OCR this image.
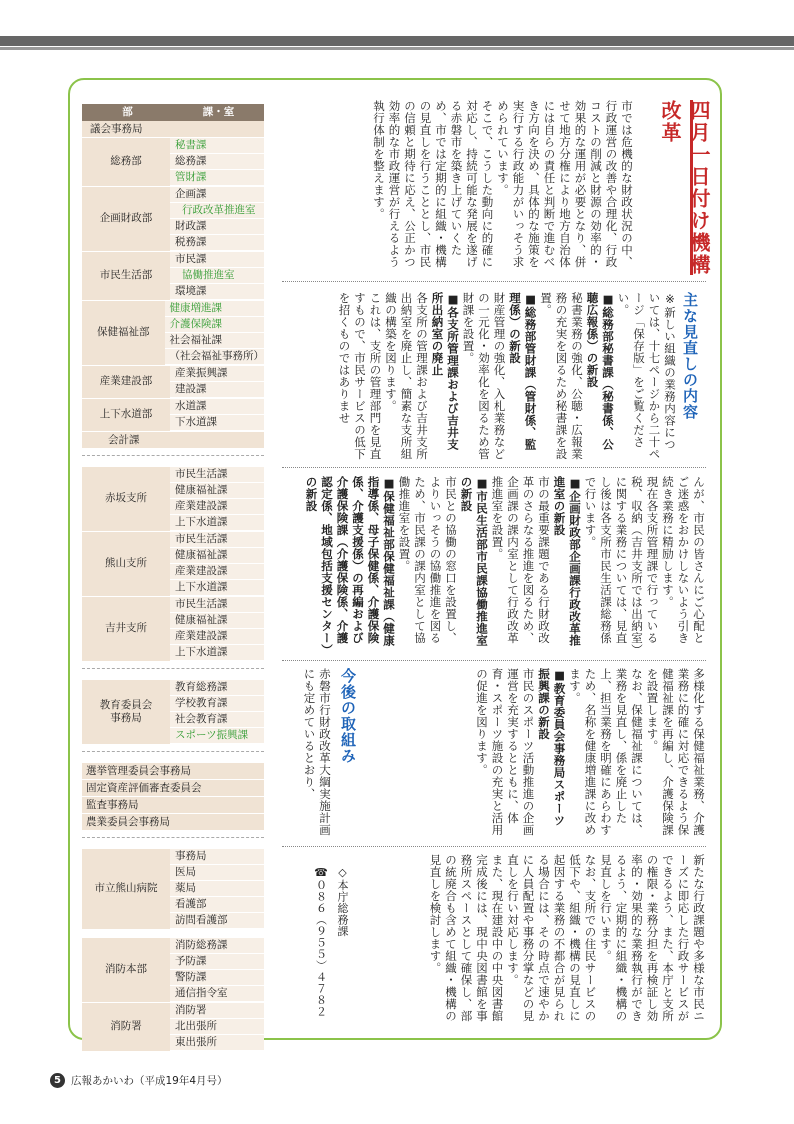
部	課・室
議会事務局
総務部
秘書課
総務課
管財課
企画財政部
企画課
行政改革推進室
財政課
税務課
市民生活部
市民課
協働推進室
環境課
保健福祉部
健康増進課
介護保険課
社会福祉課
（社会福祉事務所）
産業建設部
産業振興課
建設課
上下水道部
水道課
下水道課
会計課
赤坂支所
市民生活課
健康福祉課
産業建設課
上下水道課
熊山支所
市民生活課
健康福祉課
産業建設課
上下水道課
吉井支所
市民生活課
健康福祉課
産業建設課
上下水道課
教育委員会
事務局
教育総務課
学校教育課
社会教育課
スポーツ振興課
選挙管理委員会事務局
固定資産評価審査委員会
監査事務局
農業委員会事務局
市立熊山病院
事務局
医局
薬局
看護部
訪問看護部
消防本部
消防総務課
予防課
警防課
通信指令室
消防署
消防署
北出張所
東出張所
四月一日付け機構改革

市では危機的な財政状況の中、行政運営の改善や合理化、行政コストの削減と財源の効率的・効果的な運用が必要となり、併せて地方分権により地方自治体には自らの責任と判断で進むべき方向を決め、具体的な施策を実行する行政能力がいっそう求められています。

そこで、こうした動向に的確に対応し、持続可能な発展を遂げる赤磐市を築き上げていくため、市では定期的に組織・機構の見直しを行うこととし、市民の信頼と期待に応え、公正かつ効率的な市政運営が行えるよう執行体制を整えます。

主な見直しの内容

※新しい組織の業務内容については、十七ページから二十ページ「保存版」をご覧ください。

■総務部秘書課（秘書係、公聴広報係）の新設

秘書業務の強化、公聴・広報業務の充実を図るため秘書課を設置。

■総務部管財課（管財係、監理係）の新設

財産管理の強化、入札業務などの一元化・効率化を図るため管財課を設置。

■各支所管理課および吉井支所出納室の廃止

各支所の管理課および吉井支所出納室を廃止し、簡素な支所組織の構築を図ります。

これは、支所の管理部門を見直すもので、市民サービスの低下を招くものではありませ

んが、市民の皆さんにご心配とご迷惑をおかけしないよう引き続き業務に精励します。

現在各支所管理課で行っている税、収納（吉井支所では出納室）に関する業務については、見直し後は各支所市民生活課総務係で行います。

■企画財政部企画課行政改革推進室の新設

市の最重要課題である行財政改革のさらなる推進を図るため、企画課の課内室として行政改革推進室を設置。

■市民生活部市民課協働推進室の新設

市民との協働の窓口を設置し、よりいっそうの協働推進を図るため、市民課の課内室として協働推進室を設置。

■保健福祉部保健福祉課（健康指導係、母子保健係、介護保険係、介護支援係）の再編および介護保険課（介護保険係、介護認定係、地域包括支援センター）の新設

多様化する保健福祉業務、介護業務に的確に対応できるよう保健福祉課を再編し、介護保険課を設置します。

なお、保健福祉課については、業務を見直し、係を廃止した上、担当業務を明確にあらわすため、名称を健康増進課に改めます。

■教育委員会事務局スポーツ振興課の新設

市民のスポーツ活動推進の企画運営を充実するとともに、体育・スポーツ施設の充実と活用の促進を図ります。

今後の取組み
赤磐市行財政改革大綱実施計画にも定めているとおり、

新たな行政課題や多様な市民ニーズに即応した行政サービスができるよう、また、本庁と支所の権限・業務分担を再検証し効率的・効果的な業務執行ができるよう、定期的に組織・機構の見直しを行います。

なお、支所での住民サービスの低下や、組織・機構の見直しに起因する業務の不都合が見られる場合には、その時点で速やかに人員配置や事務分掌などの見直しを行い対応します。

また、現在建設中の中央図書館完成後には、現中央図書館を事務所スペースとして確保し、部の統廃合も含めて組織・機構の見直しを検討します。

◇本庁総務課

☎０８６（９５５）４７８２

5 広報あかいわ（平成19年4月号）
